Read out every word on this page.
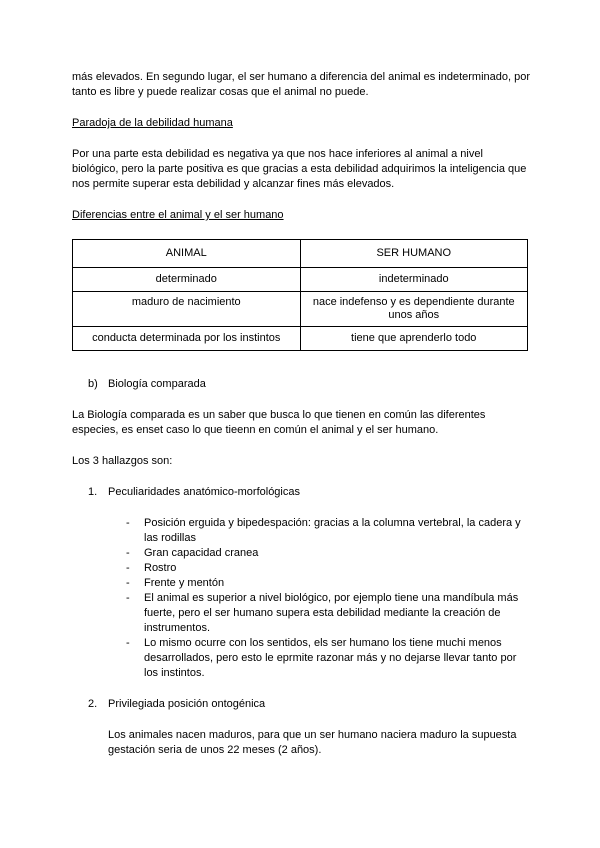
más elevados. En segundo lugar, el ser humano a diferencia del animal es indeterminado, por tanto es libre y puede realizar cosas que el animal no puede.

Paradoja de la debilidad humana

Por una parte esta debilidad es negativa ya que nos hace inferiores al animal a nivel biológico, pero la parte positiva es que gracias a esta debilidad adquirimos la inteligencia que nos permite superar esta debilidad y alcanzar fines más elevados.

Diferencias entre el animal y el ser humano

ANIMAL	SER HUMANO
determinado	indeterminado
maduro de nacimiento	nace indefenso y es dependiente durante unos años
conducta determinada por los instintos	tiene que aprenderlo todo

b) Biología comparada

La Biología comparada es un saber que busca lo que tienen en común las diferentes especies, es enset caso lo que tieenn en común el animal y el ser humano.

Los 3 hallazgos son:

1. Peculiaridades anatómico-morfológicas

- Posición erguida y bipedespación: gracias a la columna vertebral, la cadera y las rodillas
- Gran capacidad cranea
- Rostro
- Frente y mentón
- El animal es superior a nivel biológico, por ejemplo tiene una mandíbula más fuerte, pero el ser humano supera esta debilidad mediante la creación de instrumentos.
- Lo mismo ocurre con los sentidos, els ser humano los tiene muchi menos desarrollados, pero esto le eprmite razonar más y no dejarse llevar tanto por los instintos.

2. Privilegiada posición ontogénica

Los animales nacen maduros, para que un ser humano naciera maduro la supuesta gestación seria de unos 22 meses (2 años).
